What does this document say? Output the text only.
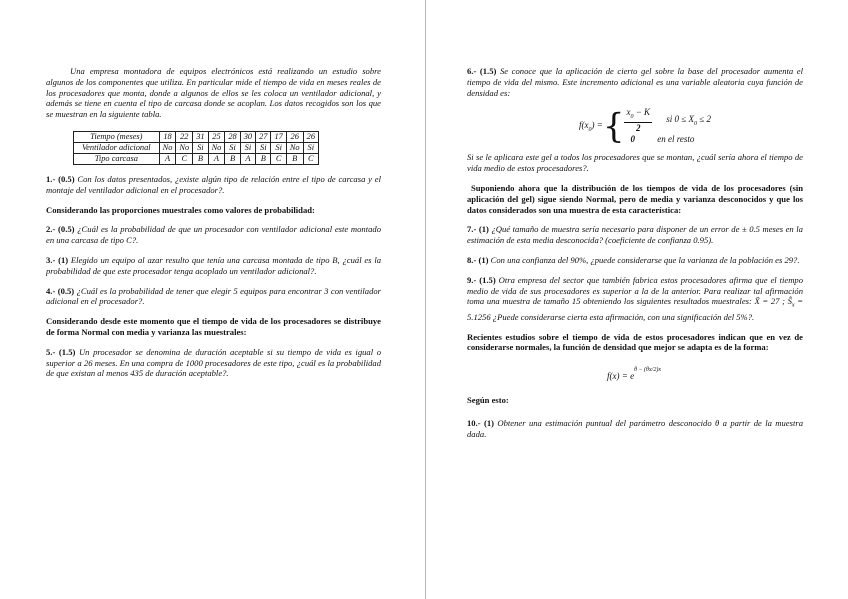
Una empresa montadora de equipos electrónicos está realizando un estudio sobre algunos de los componentes que utiliza. En particular mide el tiempo de vida en meses reales de los procesadores que monta, donde a algunos de ellos se les coloca un ventilador adicional, y además se tiene en cuenta el tipo de carcasa donde se acoplan. Los datos recogidos son los que se muestran en la siguiente tabla.

Tiempo (meses)	18	22	31	25	28	30	27	17	26	26
Ventilador adicional	No	No	Si	No	Si	Si	Si	Si	No	Si
Tipo carcasa	A	C	B	A	B	A	B	C	B	C

1.- (0.5) Con los datos presentados, ¿existe algún tipo de relación entre el tipo de carcasa y el montaje del ventilador adicional en el procesador?.

Considerando las proporciones muestrales como valores de probabilidad:

2.- (0.5) ¿Cuál es la probabilidad de que un procesador con ventilador adicional este montado en una carcasa de tipo C?.

3.- (1) Elegido un equipo al azar resulto que tenía una carcasa montada de tipo B, ¿cuál es la probabilidad de que este procesador tenga acoplado un ventilador adicional?.

4.- (0.5) ¿Cuál es la probabilidad de tener que elegir 5 equipos para encontrar 3 con ventilador adicional en el procesador?.

Considerando desde este momento que el tiempo de vida de los procesadores se distribuye de forma Normal con media y varianza las muestrales:

5.- (1.5) Un procesador se denomina de duración aceptable si su tiempo de vida es igual o superior a 26 meses. En una compra de 1000 procesadores de este tipo, ¿cuál es la probabilidad de que existan al menos 435 de duración aceptable?.

6.- (1.5) Se conoce que la aplicación de cierto gel sobre la base del procesador aumenta el tiempo de vida del mismo. Este incremento adicional es una variable aleatoria cuya función de densidad es:

$f(x_0)$ ={ $\frac{x_0 - K}{2}$ si $0 \le X_0 \le 2$
0 en el resto

Si se le aplicara este gel a todos los procesadores que se montan, ¿cuál sería ahora el tiempo de vida medio de estos procesadores?.

Suponiendo ahora que la distribución de los tiempos de vida de los procesadores (sin aplicación del gel) sigue siendo Normal, pero de media y varianza desconocidos y que los datos considerados son una muestra de esta característica:

7.- (1) ¿Qué tamaño de muestra sería necesario para disponer de un error de ± 0.5 meses en la estimación de esta media desconocida? (coeficiente de confianza 0.95).

8.- (1) Con una confianza del 90%, ¿puede considerarse que la varianza de la población es 29?.

9.- (1.5) Otra empresa del sector que también fabrica estos procesadores afirma que el tiempo medio de vida de sus procesadores es superior a la de la anterior. Para realizar tal afirmación toma una muestra de tamaño 15 obteniendo los siguientes resultados muestrales: X̄ = 27 ; $Ŝ_x = 5.1256$ ¿Puede considerarse cierta esta afirmación, con una significación del 5%?.

Recientes estudios sobre el tiempo de vida de estos procesadores indican que en vez de considerarse normales, la función de densidad que mejor se adapta es de la forma:

$f(x) = e^{\theta - (\theta x/2)x}$

Según esto:

10.- (1) Obtener una estimación puntual del parámetro desconocido θ a partir de la muestra dada.
